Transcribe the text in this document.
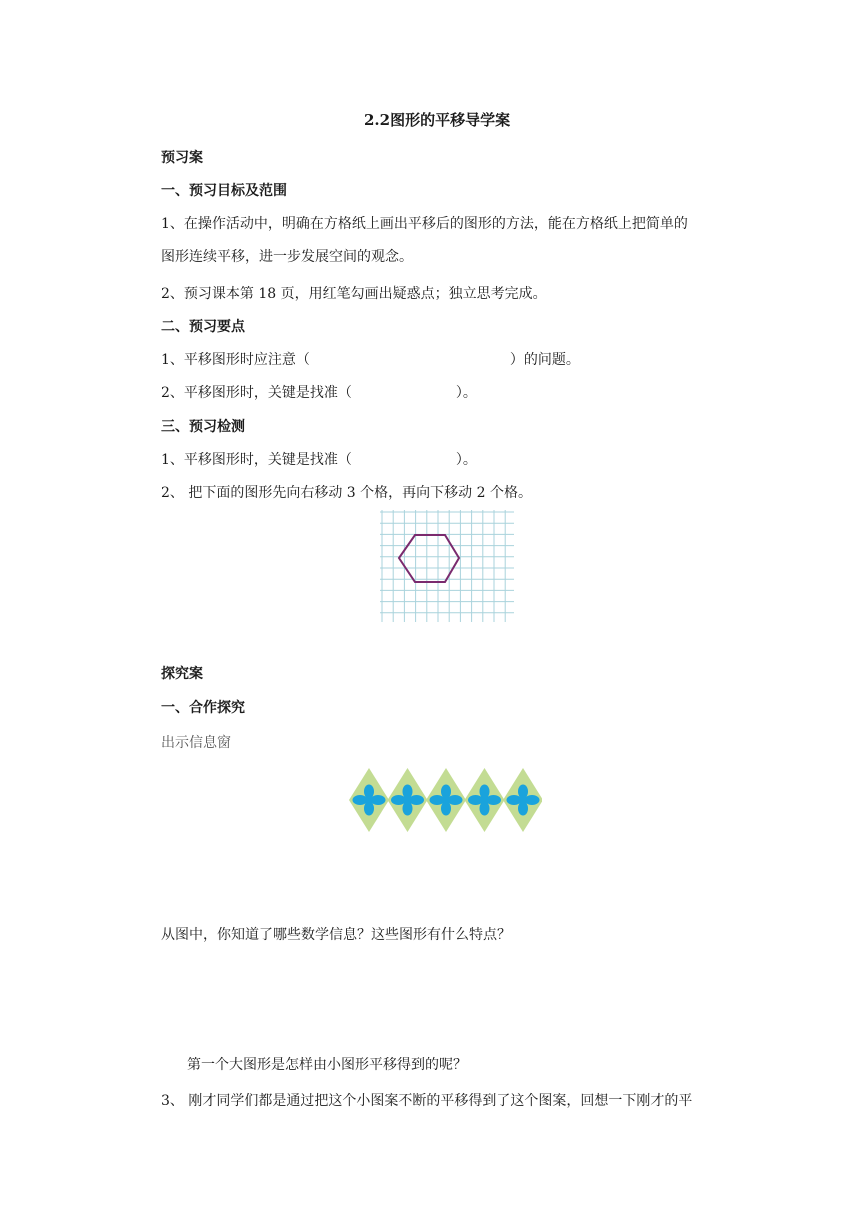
2.2图形的平移导学案
预习案
一、预习目标及范围
1、在操作活动中，明确在方格纸上画出平移后的图形的方法，能在方格纸上把简单的
图形连续平移，进一步发展空间的观念。
2、预习课本第 18 页，用红笔勾画出疑惑点；独立思考完成。
二、预习要点
1、平移图形时应注意（	）的问题。
2、平移图形时，关键是找准（	）。
三、预习检测
1、平移图形时，关键是找准（	）。
2、 把下面的图形先向右移动 3 个格，再向下移动 2 个格。
探究案
一、合作探究
出示信息窗
从图中，你知道了哪些数学信息？这些图形有什么特点？
第一个大图形是怎样由小图形平移得到的呢？
3、 刚才同学们都是通过把这个小图案不断的平移得到了这个图案，回想一下刚才的平
